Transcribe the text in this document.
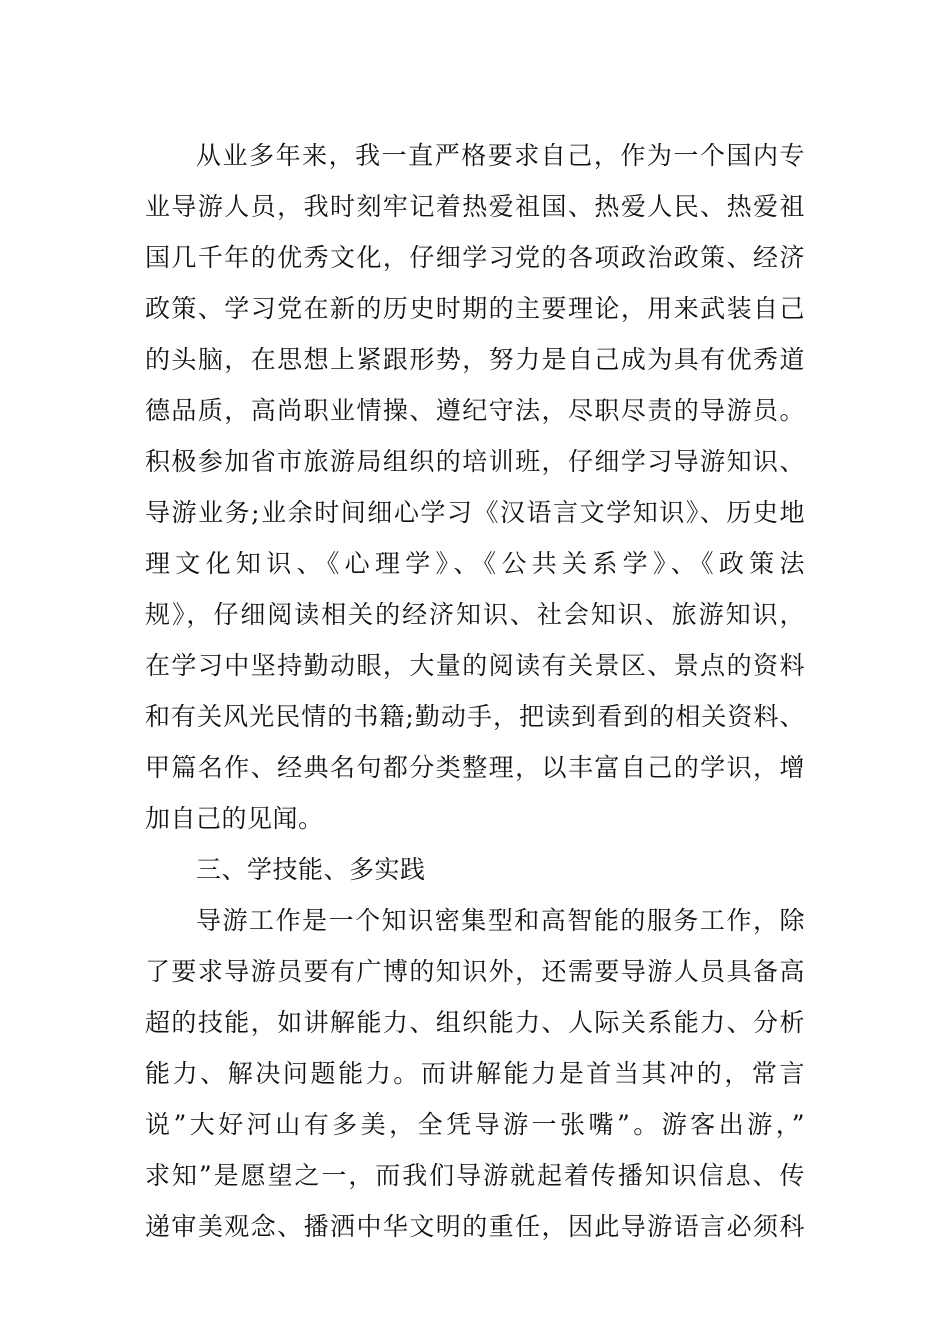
从业多年来，我一直严格要求自己，作为一个国内专
业导游人员，我时刻牢记着热爱祖国、热爱人民、热爱祖
国几千年的优秀文化，仔细学习党的各项政治政策、经济
政策、学习党在新的历史时期的主要理论，用来武装自己
的头脑，在思想上紧跟形势，努力是自己成为具有优秀道
德品质，高尚职业情操、遵纪守法，尽职尽责的导游员。
积极参加省市旅游局组织的培训班，仔细学习导游知识、
导游业务;业余时间细心学习《汉语言文学知识》、历史地
理文化知识、《心理学》、《公共关系学》、《政策法
规》，仔细阅读相关的经济知识、社会知识、旅游知识，
在学习中坚持勤动眼，大量的阅读有关景区、景点的资料
和有关风光民情的书籍;勤动手，把读到看到的相关资料、
甲篇名作、经典名句都分类整理，以丰富自己的学识，增
加自己的见闻。
三、学技能、多实践
导游工作是一个知识密集型和高智能的服务工作，除
了要求导游员要有广博的知识外，还需要导游人员具备高
超的技能，如讲解能力、组织能力、人际关系能力、分析
能力、解决问题能力。而讲解能力是首当其冲的，常言
说”大好河山有多美，全凭导游一张嘴”。游客出游，”
求知”是愿望之一，而我们导游就起着传播知识信息、传
递审美观念、播洒中华文明的重任，因此导游语言必须科
